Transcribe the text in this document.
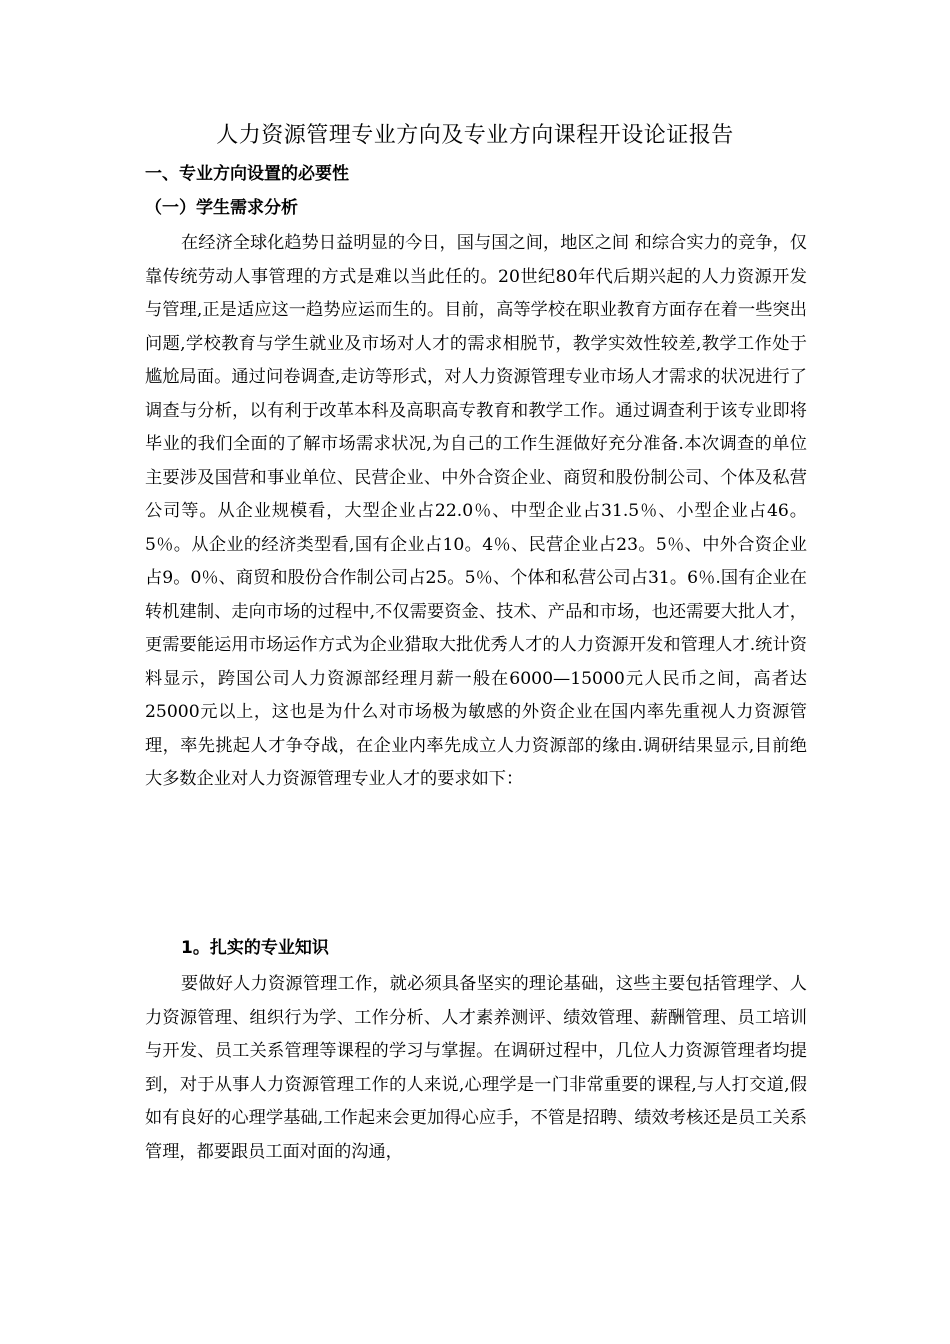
人力资源管理专业方向及专业方向课程开设论证报告
一、专业方向设置的必要性
（一）学生需求分析

在经济全球化趋势日益明显的今日，国与国之间，地区之间 和综合实力的竞争，仅靠传统劳动人事管理的方式是难以当此任的。20世纪80年代后期兴起的人力资源开发与管理,正是适应这一趋势应运而生的。目前，高等学校在职业教育方面存在着一些突出问题,学校教育与学生就业及市场对人才的需求相脱节，教学实效性较差,教学工作处于尴尬局面。通过问卷调查,走访等形式，对人力资源管理专业市场人才需求的状况进行了调查与分析，以有利于改革本科及高职高专教育和教学工作。通过调查利于该专业即将毕业的我们全面的了解市场需求状况,为自己的工作生涯做好充分准备.本次调查的单位主要涉及国营和事业单位、民营企业、中外合资企业、商贸和股份制公司、个体及私营公司等。从企业规模看，大型企业占22.0％、中型企业占31.5％、小型企业占46。5％。从企业的经济类型看,国有企业占10。4％、民营企业占23。5％、中外合资企业占9。0％、商贸和股份合作制公司占25。5％、个体和私营公司占31。6％.国有企业在转机建制、走向市场的过程中,不仅需要资金、技术、产品和市场，也还需要大批人才，更需要能运用市场运作方式为企业猎取大批优秀人才的人力资源开发和管理人才.统计资料显示，跨国公司人力资源部经理月薪一般在6000—15000元人民币之间，高者达25000元以上，这也是为什么对市场极为敏感的外资企业在国内率先重视人力资源管理，率先挑起人才争夺战，在企业内率先成立人力资源部的缘由.调研结果显示,目前绝大多数企业对人力资源管理专业人才的要求如下：

1。扎实的专业知识

要做好人力资源管理工作，就必须具备坚实的理论基础，这些主要包括管理学、人力资源管理、组织行为学、工作分析、人才素养测评、绩效管理、薪酬管理、员工培训与开发、员工关系管理等课程的学习与掌握。在调研过程中，几位人力资源管理者均提到，对于从事人力资源管理工作的人来说,心理学是一门非常重要的课程,与人打交道,假如有良好的心理学基础,工作起来会更加得心应手，不管是招聘、绩效考核还是员工关系管理，都要跟员工面对面的沟通，
